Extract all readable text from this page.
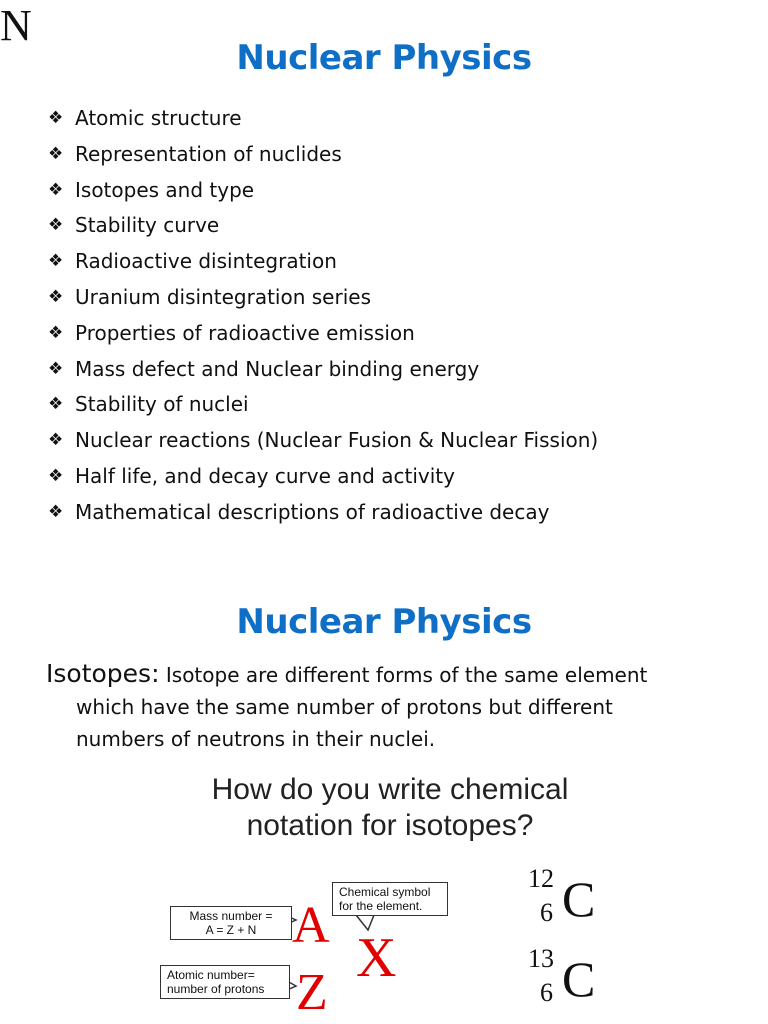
Nuclear Physics
❖ Atomic structure
❖ Representation of nuclides
❖ Isotopes and type
❖ Stability curve
❖ Radioactive disintegration
❖ Uranium disintegration series
❖ Properties of radioactive emission
❖ Mass defect and Nuclear binding energy
❖ Stability of nuclei
❖ Nuclear reactions (Nuclear Fusion & Nuclear Fission)
❖ Half life, and decay curve and activity
❖ Mathematical descriptions of radioactive decay
Nuclear Physics
Isotopes: Isotope are different forms of the same element
which have the same number of protons but different
numbers of neutrons in their nuclei.
How do you write chemical
notation for isotopes?
Mass number =
A = Z + N
Chemical symbol
for the element.
Atomic number=
number of protons
A
X
Z
N
12
6 C
13
6 C
